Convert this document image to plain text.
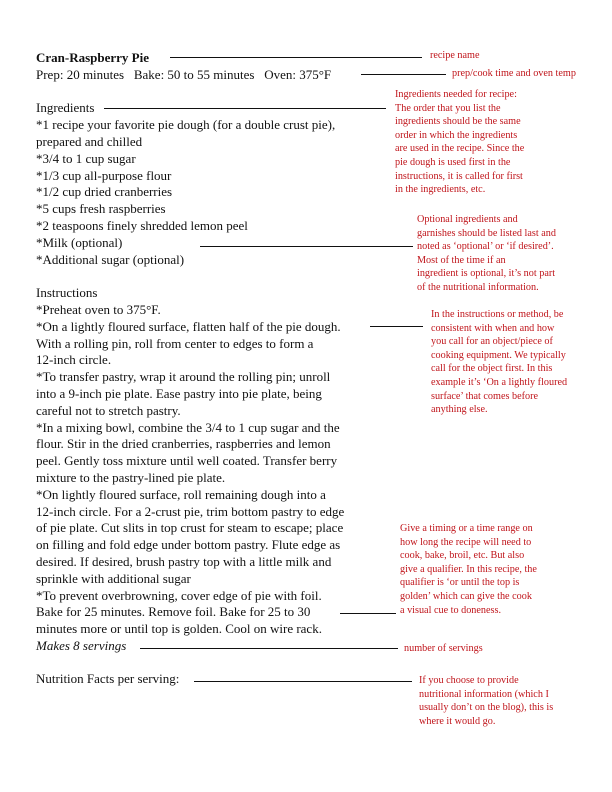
Cran-Raspberry Pie
Prep: 20 minutes   Bake: 50 to 55 minutes   Oven: 375°F
Ingredients
*1 recipe your favorite pie dough (for a double crust pie),
prepared and chilled
*3/4 to 1 cup sugar
*1/3 cup all-purpose flour
*1/2 cup dried cranberries
*5 cups fresh raspberries
*2 teaspoons finely shredded lemon peel
*Milk (optional)
*Additional sugar (optional)
Instructions
*Preheat oven to 375°F.
*On a lightly floured surface, flatten half of the pie dough.
With a rolling pin, roll from center to edges to form a
12-inch circle.
*To transfer pastry, wrap it around the rolling pin; unroll
into a 9-inch pie plate. Ease pastry into pie plate, being
careful not to stretch pastry.
*In a mixing bowl, combine the 3/4 to 1 cup sugar and the
flour. Stir in the dried cranberries, raspberries and lemon
peel. Gently toss mixture until well coated. Transfer berry
mixture to the pastry-lined pie plate.
*On lightly floured surface, roll remaining dough into a
12-inch circle. For a 2-crust pie, trim bottom pastry to edge
of pie plate. Cut slits in top crust for steam to escape; place
on filling and fold edge under bottom pastry. Flute edge as
desired. If desired, brush pastry top with a little milk and
sprinkle with additional sugar
*To prevent overbrowning, cover edge of pie with foil.
Bake for 25 minutes. Remove foil. Bake for 25 to 30
minutes more or until top is golden. Cool on wire rack.
Makes 8 servings
Nutrition Facts per serving:
recipe name
prep/cook time and oven temp
Ingredients needed for recipe:
The order that you list the
ingredients should be the same
order in which the ingredients
are used in the recipe. Since the
pie dough is used first in the
instructions, it is called for first
in the ingredients, etc.
Optional ingredients and
garnishes should be listed last and
noted as ‘optional’ or ‘if desired’.
Most of the time if an
ingredient is optional, it’s not part
of the nutritional information.
In the instructions or method, be
consistent with when and how
you call for an object/piece of
cooking equipment. We typically
call for the object first. In this
example it’s ‘On a lightly floured
surface’ that comes before
anything else.
Give a timing or a time range on
how long the recipe will need to
cook, bake, broil, etc. But also
give a qualifier. In this recipe, the
qualifier is ‘or until the top is
golden’ which can give the cook
a visual cue to doneness.
number of servings
If you choose to provide
nutritional information (which I
usually don’t on the blog), this is
where it would go.
